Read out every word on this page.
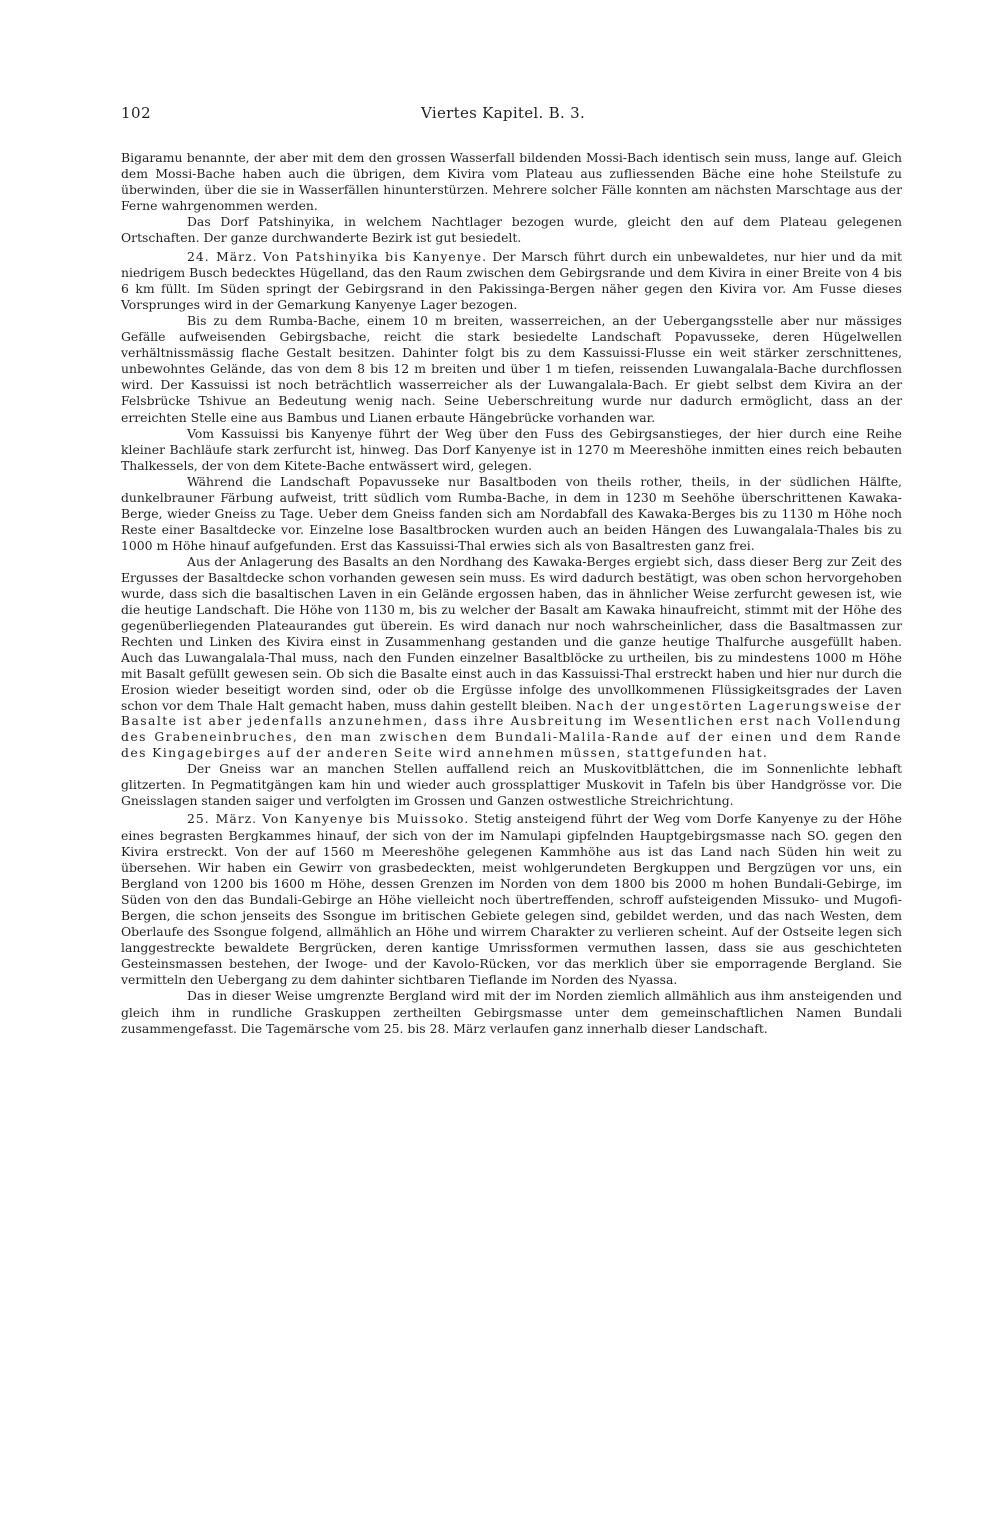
102	Viertes Kapitel. B. 3.

Bigaramu benannte, der aber mit dem den grossen Wasserfall bildenden Mossi-Bach identisch sein muss, lange auf. Gleich dem Mossi-Bache haben auch die übrigen, dem Kivira vom Plateau aus zufliessenden Bäche eine hohe Steilstufe zu überwinden, über die sie in Wasserfällen hinunterstürzen. Mehrere solcher Fälle konnten am nächsten Marschtage aus der Ferne wahrgenommen werden.

Das Dorf Patshinyika, in welchem Nachtlager bezogen wurde, gleicht den auf dem Plateau gelegenen Ortschaften. Der ganze durchwanderte Bezirk ist gut besiedelt.

24. März. Von Patshinyika bis Kanyenye. Der Marsch führt durch ein unbewaldetes, nur hier und da mit niedrigem Busch bedecktes Hügelland, das den Raum zwischen dem Gebirgsrande und dem Kivira in einer Breite von 4 bis 6 km füllt. Im Süden springt der Gebirgsrand in den Pakissinga-Bergen näher gegen den Kivira vor. Am Fusse dieses Vorsprunges wird in der Gemarkung Kanyenye Lager bezogen.

Bis zu dem Rumba-Bache, einem 10 m breiten, wasserreichen, an der Uebergangsstelle aber nur mässiges Gefälle aufweisenden Gebirgsbache, reicht die stark besiedelte Landschaft Popavusseke, deren Hügelwellen verhältnissmässig flache Gestalt besitzen. Dahinter folgt bis zu dem Kassuissi-Flusse ein weit stärker zerschnittenes, unbewohntes Gelände, das von dem 8 bis 12 m breiten und über 1 m tiefen, reissenden Luwangalala-Bache durchflossen wird. Der Kassuissi ist noch beträchtlich wasserreicher als der Luwangalala-Bach. Er giebt selbst dem Kivira an der Felsbrücke Tshivue an Bedeutung wenig nach. Seine Ueberschreitung wurde nur dadurch ermöglicht, dass an der erreichten Stelle eine aus Bambus und Lianen erbaute Hängebrücke vorhanden war.

Vom Kassuissi bis Kanyenye führt der Weg über den Fuss des Gebirgsanstieges, der hier durch eine Reihe kleiner Bachläufe stark zerfurcht ist, hinweg. Das Dorf Kanyenye ist in 1270 m Meereshöhe inmitten eines reich bebauten Thalkessels, der von dem Kitete-Bache entwässert wird, gelegen.

Während die Landschaft Popavusseke nur Basaltboden von theils rother, theils, in der südlichen Hälfte, dunkelbrauner Färbung aufweist, tritt südlich vom Rumba-Bache, in dem in 1230 m Seehöhe überschrittenen Kawaka-Berge, wieder Gneiss zu Tage. Ueber dem Gneiss fanden sich am Nordabfall des Kawaka-Berges bis zu 1130 m Höhe noch Reste einer Basaltdecke vor. Einzelne lose Basaltbrocken wurden auch an beiden Hängen des Luwangalala-Thales bis zu 1000 m Höhe hinauf aufgefunden. Erst das Kassuissi-Thal erwies sich als von Basaltresten ganz frei.

Aus der Anlagerung des Basalts an den Nordhang des Kawaka-Berges ergiebt sich, dass dieser Berg zur Zeit des Ergusses der Basaltdecke schon vorhanden gewesen sein muss. Es wird dadurch bestätigt, was oben schon hervorgehoben wurde, dass sich die basaltischen Laven in ein Gelände ergossen haben, das in ähnlicher Weise zerfurcht gewesen ist, wie die heutige Landschaft. Die Höhe von 1130 m, bis zu welcher der Basalt am Kawaka hinaufreicht, stimmt mit der Höhe des gegenüberliegenden Plateaurandes gut überein. Es wird danach nur noch wahrscheinlicher, dass die Basaltmassen zur Rechten und Linken des Kivira einst in Zusammenhang gestanden und die ganze heutige Thalfurche ausgefüllt haben. Auch das Luwangalala-Thal muss, nach den Funden einzelner Basaltblöcke zu urtheilen, bis zu mindestens 1000 m Höhe mit Basalt gefüllt gewesen sein. Ob sich die Basalte einst auch in das Kassuissi-Thal erstreckt haben und hier nur durch die Erosion wieder beseitigt worden sind, oder ob die Ergüsse infolge des unvollkommenen Flüssigkeitsgrades der Laven schon vor dem Thale Halt gemacht haben, muss dahin gestellt bleiben. Nach der ungestörten Lagerungsweise der Basalte ist aber jedenfalls anzunehmen, dass ihre Ausbreitung im Wesentlichen erst nach Vollendung des Grabeneinbruches, den man zwischen dem Bundali-Malila-Rande auf der einen und dem Rande des Kingagebirges auf der anderen Seite wird annehmen müssen, stattgefunden hat.

Der Gneiss war an manchen Stellen auffallend reich an Muskovitblättchen, die im Sonnenlichte lebhaft glitzerten. In Pegmatitgängen kam hin und wieder auch grossplattiger Muskovit in Tafeln bis über Handgrösse vor. Die Gneisslagen standen saiger und verfolgten im Grossen und Ganzen ostwestliche Streichrichtung.

25. März. Von Kanyenye bis Muissoko. Stetig ansteigend führt der Weg vom Dorfe Kanyenye zu der Höhe eines begrasten Bergkammes hinauf, der sich von der im Namulapi gipfelnden Hauptgebirgsmasse nach SO. gegen den Kivira erstreckt. Von der auf 1560 m Meereshöhe gelegenen Kammhöhe aus ist das Land nach Süden hin weit zu übersehen. Wir haben ein Gewirr von grasbedeckten, meist wohlgerundeten Bergkuppen und Bergzügen vor uns, ein Bergland von 1200 bis 1600 m Höhe, dessen Grenzen im Norden von dem 1800 bis 2000 m hohen Bundali-Gebirge, im Süden von den das Bundali-Gebirge an Höhe vielleicht noch übertreffenden, schroff aufsteigenden Missuko- und Mugofi-Bergen, die schon jenseits des Ssongue im britischen Gebiete gelegen sind, gebildet werden, und das nach Westen, dem Oberlaufe des Ssongue folgend, allmählich an Höhe und wirrem Charakter zu verlieren scheint. Auf der Ostseite legen sich langgestreckte bewaldete Bergrücken, deren kantige Umrissformen vermuthen lassen, dass sie aus geschichteten Gesteinsmassen bestehen, der Iwoge- und der Kavolo-Rücken, vor das merklich über sie emporragende Bergland. Sie vermitteln den Uebergang zu dem dahinter sichtbaren Tieflande im Norden des Nyassa.

Das in dieser Weise umgrenzte Bergland wird mit der im Norden ziemlich allmählich aus ihm ansteigenden und gleich ihm in rundliche Graskuppen zertheilten Gebirgsmasse unter dem gemeinschaftlichen Namen Bundali zusammengefasst. Die Tagemärsche vom 25. bis 28. März verlaufen ganz innerhalb dieser Landschaft.
